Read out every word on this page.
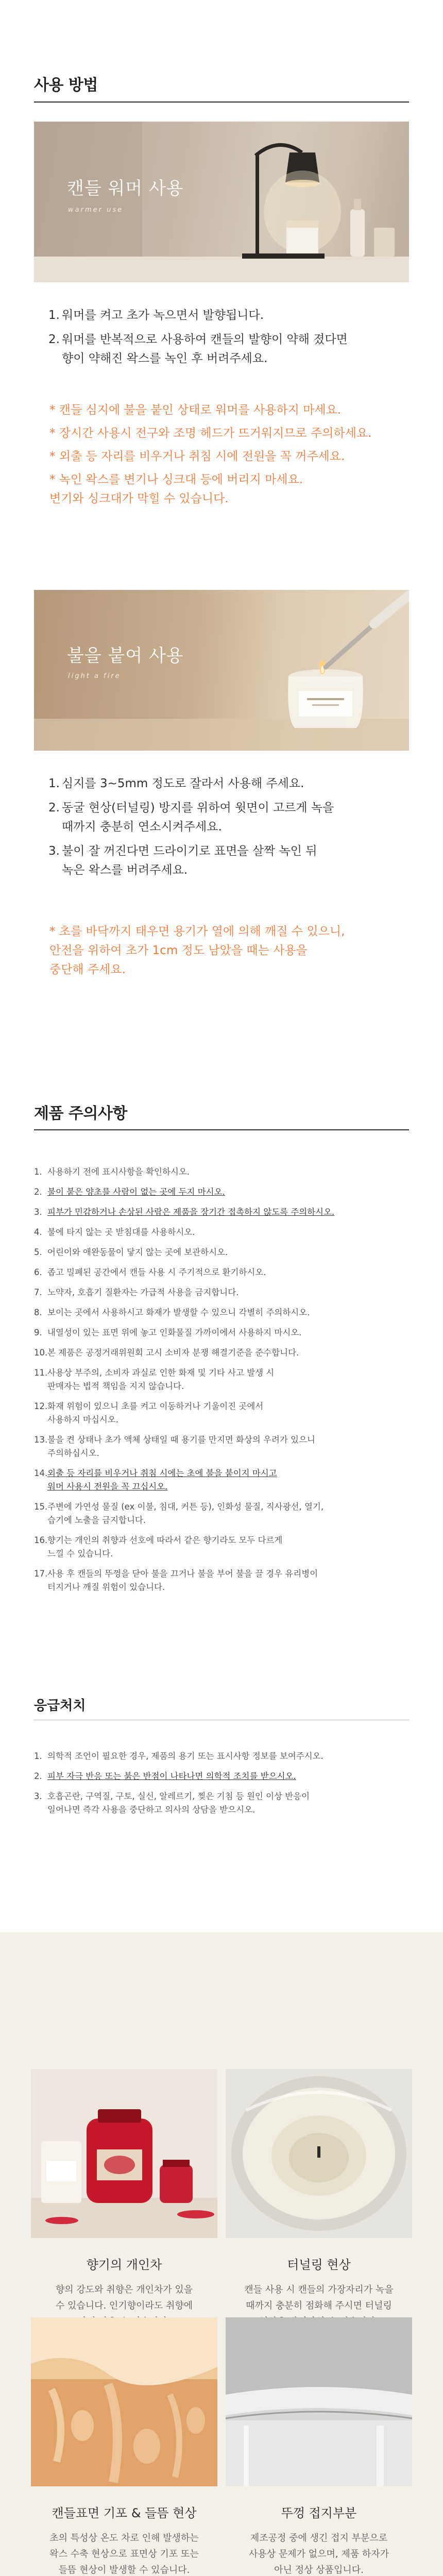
사용 방법
캔들 워머 사용
warmer use
1. 워머를 켜고 초가 녹으면서 발향됩니다.
2. 워머를 반복적으로 사용하여 캔들의 발향이 약해 졌다면
향이 약해진 왁스를 녹인 후 버려주세요.

* 캔들 심지에 불을 붙인 상태로 워머를 사용하지 마세요.

* 장시간 사용시 전구와 조명 헤드가 뜨거워지므로 주의하세요.

* 외출 등 자리를 비우거나 취침 시에 전원을 꼭 꺼주세요.

* 녹인 왁스를 변기나 싱크대 등에 버리지 마세요.
변기와 싱크대가 막힐 수 있습니다.

불을 붙여 사용
light a fire
1. 심지를 3~5mm 정도로 잘라서 사용해 주세요.
2. 동굴 현상(터널링) 방지를 위하여 윗면이 고르게 녹을
때까지 충분히 연소시켜주세요.
3. 불이 잘 꺼진다면 드라이기로 표면을 살짝 녹인 뒤
녹은 왁스를 버려주세요.

* 초를 바닥까지 태우면 용기가 열에 의해 깨질 수 있으니,
안전을 위하여 초가 1cm 정도 남았을 때는 사용을
중단해 주세요.

제품 주의사항
1. 사용하기 전에 표시사항을 확인하시오.
2. 불이 붙은 양초를 사람이 없는 곳에 두지 마시오.
3. 피부가 민감하거나 손상된 사람은 제품을 장기간 접촉하지 않도록 주의하시오.
4. 불에 타지 않는 곳 받침대를 사용하시오.
5. 어린이와 애완동물이 닿지 않는 곳에 보관하시오.
6. 좁고 밀폐된 공간에서 캔들 사용 시 주기적으로 환기하시오.
7. 노약자, 호흡기 질환자는 가급적 사용을 금지합니다.
8. 보이는 곳에서 사용하시고 화재가 발생할 수 있으니 각별히 주의하시오.
9. 내열성이 있는 표면 위에 놓고 인화물질 가까이에서 사용하지 마시오.
10. 본 제품은 공정거래위원회 고시 소비자 분쟁 해결기준을 준수합니다.
11. 사용상 부주의, 소비자 과실로 인한 화재 및 기타 사고 발생 시
판매자는 법적 책임을 지지 않습니다.
12. 화재 위험이 있으니 초를 켜고 이동하거나 기울이진 곳에서
사용하지 마십시오.
13. 불을 켠 상태나 초가 액체 상태일 때 용기를 만지면 화상의 우려가 있으니
주의하십시오.
14. 외출 등 자리를 비우거나 취침 시에는 초에 불을 붙이지 마시고
워머 사용시 전원을 꼭 끄십시오.
15. 주변에 가연성 물질 (ex 이불, 침대, 커튼 등), 인화성 물질, 직사광선, 열기,
습기에 노출을 금지합니다.
16. 향기는 개인의 취향과 선호에 따라서 같은 향기라도 모두 다르게
느낄 수 있습니다.
17. 사용 후 캔들의 뚜껑을 닫아 불을 끄거나 불을 부어 불을 끌 경우 유리병이
터지거나 깨질 위험이 있습니다.
응급처치
1. 의학적 조언이 필요한 경우, 제품의 용기 또는 표시사항 정보를 보여주시오.
2. 피부 자극 반응 또는 붉은 반점이 나타나면 의학적 조치를 받으시오.
3. 호흡곤란, 구역질, 구토, 실신, 알레르기, 찢은 기침 등 원인 이상 반응이
일어나면 즉각 사용을 중단하고 의사의 상담을 받으시오.
향기의 개인차
향의 강도와 취향은 개인차가 있을
수 있습니다. 인기향이라도 취향에

터널링 현상
캔들 사용 시 캔들의 가장자리가 녹을
때까지 충분히 점화해 주시면 터널링

캔들표면 기포 & 들뜸 현상
초의 특성상 온도 차로 인해 발생하는
왁스 수축 현상으로 표면상 기포 또는
들뜸 현상이 발생할 수 있습니다.

뚜껑 접지부분
제조공정 중에 생긴 접지 부분으로
사용상 문제가 없으며, 제품 하자가
아닌 정상 상품입니다.
